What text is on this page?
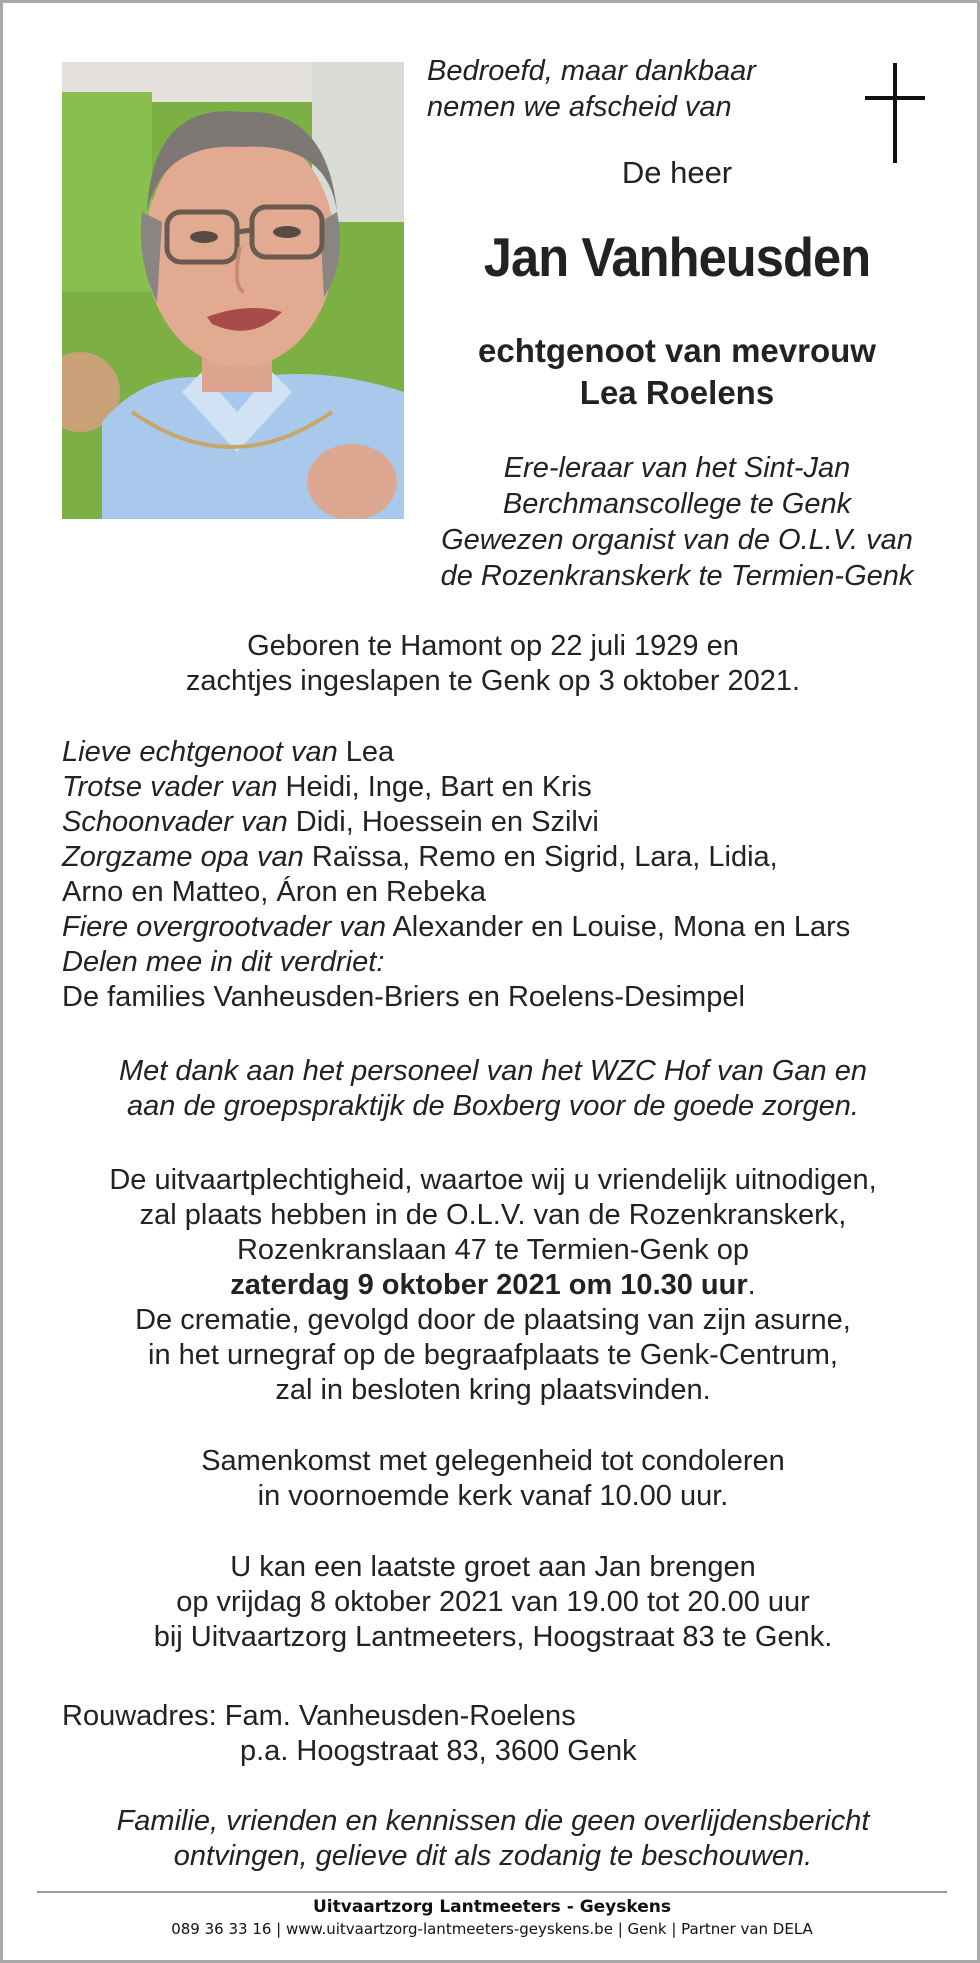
Bedroefd, maar dankbaar
nemen we afscheid van
De heer
Jan Vanheusden
echtgenoot van mevrouw
Lea Roelens
Ere-leraar van het Sint-Jan
Berchmanscollege te Genk
Gewezen organist van de O.L.V. van
de Rozenkranskerk te Termien-Genk
Geboren te Hamont op 22 juli 1929 en
zachtjes ingeslapen te Genk op 3 oktober 2021.
Lieve echtgenoot van Lea
Trotse vader van Heidi, Inge, Bart en Kris
Schoonvader van Didi, Hoessein en Szilvi
Zorgzame opa van Raïssa, Remo en Sigrid, Lara, Lidia,
Arno en Matteo, Áron en Rebeka
Fiere overgrootvader van Alexander en Louise, Mona en Lars
Delen mee in dit verdriet:
De families Vanheusden-Briers en Roelens-Desimpel
Met dank aan het personeel van het WZC Hof van Gan en
aan de groepspraktijk de Boxberg voor de goede zorgen.
De uitvaartplechtigheid, waartoe wij u vriendelijk uitnodigen,
zal plaats hebben in de O.L.V. van de Rozenkranskerk,
Rozenkranslaan 47 te Termien-Genk op
zaterdag 9 oktober 2021 om 10.30 uur.
De crematie, gevolgd door de plaatsing van zijn asurne,
in het urnegraf op de begraafplaats te Genk-Centrum,
zal in besloten kring plaatsvinden.
Samenkomst met gelegenheid tot condoleren
in voornoemde kerk vanaf 10.00 uur.
U kan een laatste groet aan Jan brengen
op vrijdag 8 oktober 2021 van 19.00 tot 20.00 uur
bij Uitvaartzorg Lantmeeters, Hoogstraat 83 te Genk.
Rouwadres: Fam. Vanheusden-Roelens
p.a. Hoogstraat 83, 3600 Genk
Familie, vrienden en kennissen die geen overlijdensbericht
ontvingen, gelieve dit als zodanig te beschouwen.
Uitvaartzorg Lantmeeters - Geyskens
089 36 33 16 | www.uitvaartzorg-lantmeeters-geyskens.be | Genk | Partner van DELA
